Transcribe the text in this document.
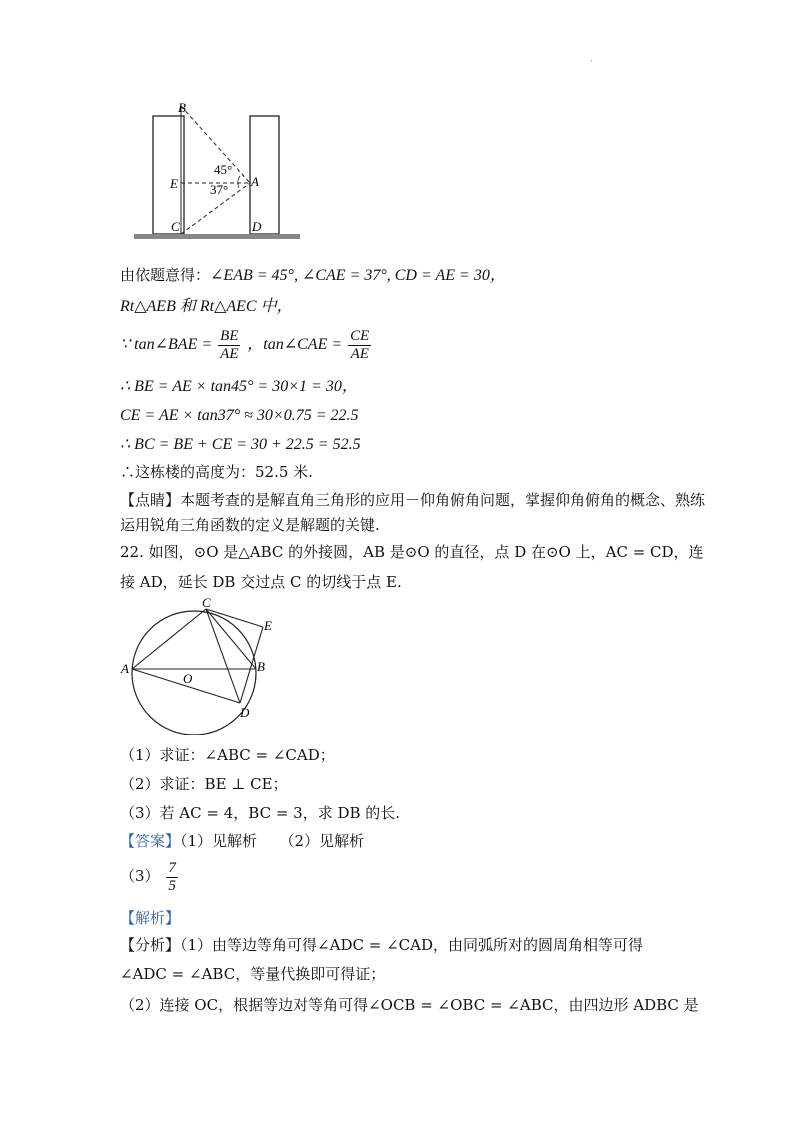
.
B
E
C	D
A
45°
37°
由依题意得：∠EAB = 45°, ∠CAE = 37°, CD = AE = 30，
Rt△AEB 和 Rt△AEC 中，
∵ tan∠BAE = $\frac{BE}{AE}$ ，tan∠CAE = $\frac{CE}{AE}$
∴ BE = AE × tan45° = 30×1 = 30，
CE = AE × tan37° ≈ 30×0.75 = 22.5
∴ BC = BE + CE = 30 + 22.5 = 52.5
∴这栋楼的高度为：52.5 米.
【点睛】本题考查的是解直角三角形的应用－仰角俯角问题，掌握仰角俯角的概念、熟练
运用锐角三角函数的定义是解题的关键.
22. 如图，⊙O 是△ABC 的外接圆，AB 是⊙O 的直径，点 D 在⊙O 上，AC = CD，连
接 AD，延长 DB 交过点 C 的切线于点 E.
C
E
A	B
O
D
（1）求证：∠ABC = ∠CAD；
（2）求证：BE ⊥ CE；
（3）若 AC = 4，BC = 3，求 DB 的长.
【答案】（1）见解析　　（2）见解析
$(3) \frac{7}{5}$
【解析】
【分析】（1）由等边等角可得∠ADC = ∠CAD，由同弧所对的圆周角相等可得
∠ADC = ∠ABC，等量代换即可得证；
（2）连接 OC，根据等边对等角可得∠OCB = ∠OBC = ∠ABC，由四边形 ADBC 是
